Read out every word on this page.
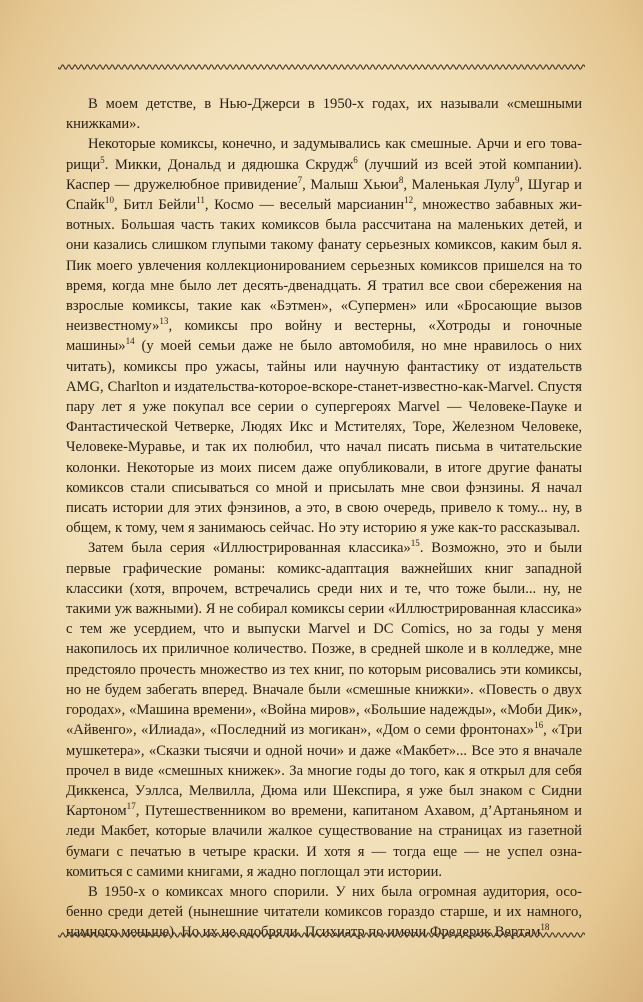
В моем детстве, в Нью-Джерси в 1950-х годах, их называли «смешными книжками».

Некоторые комиксы, конечно, и задумывались как смешные. Арчи и его товарищи$^5$. Микки, Дональд и дядюшка Скрудж$^6$ (лучший из всей этой компании). Каспер — дружелюбное привидение$^7$, Малыш Хьюи$^8$, Маленькая Лулу$^9$, Шугар и Спайк$^{10}$, Битл Бейли$^{11}$, Космо — веселый марсианин$^{12}$, множество забавных животных. Большая часть таких комиксов была рассчитана на маленьких детей, и они казались слишком глупыми такому фанату серьезных комиксов, каким был я. Пик моего увлечения коллекционированием серьезных комиксов пришелся на то время, когда мне было лет десять-двенадцать. Я тратил все свои сбережения на взрослые комиксы, такие как «Бэтмен», «Супермен» или «Бросающие вызов неизвестному»$^{13}$, комиксы про войну и вестерны, «Хотроды и гоночные машины»$^{14}$ (у моей семьи даже не было автомобиля, но мне нравилось о них читать), комиксы про ужасы, тайны или научную фантастику от издательств AMG, Charlton и издательства-которое-вскоре-станет-известно-как-Marvel. Спустя пару лет я уже покупал все серии о супергероях Marvel — Человеке-Пауке и Фантастической Четверке, Людях Икс и Мстителях, Торе, Железном Человеке, Человеке-Муравье, и так их полюбил, что начал писать письма в читательские колонки. Некоторые из моих писем даже опубликовали, в итоге другие фанаты комиксов стали списываться со мной и присылать мне свои фэнзины. Я начал писать истории для этих фэнзинов, а это, в свою очередь, привело к тому... ну, в общем, к тому, чем я занимаюсь сейчас. Но эту историю я уже как-то рассказывал.

Затем была серия «Иллюстрированная классика»$^{15}$. Возможно, это и были первые графические романы: комикс-адаптация важнейших книг западной классики (хотя, впрочем, встречались среди них и те, что тоже были... ну, не такими уж важными). Я не собирал комиксы серии «Иллюстрированная классика» с тем же усердием, что и выпуски Marvel и DC Comics, но за годы у меня накопилось их приличное количество. Позже, в средней школе и в колледже, мне предстояло прочесть множество из тех книг, по которым рисовались эти комиксы, но не будем забегать вперед. Вначале были «смешные книжки». «Повесть о двух городах», «Машина времени», «Война миров», «Большие надежды», «Моби Дик», «Айвенго», «Илиада», «Последний из могикан», «Дом о семи фронтонах»$^{16}$, «Три мушкетера», «Сказки тысячи и одной ночи» и даже «Макбет»... Все это я вначале прочел в виде «смешных книжек». За многие годы до того, как я открыл для себя Диккенса, Уэллса, Мелвилла, Дюма или Шекспира, я уже был знаком с Сидни Картоном$^{17}$, Путешественником во времени, капитаном Ахавом, д’Артаньяном и леди Макбет, которые влачили жалкое существование на страницах из газетной бумаги с печатью в четыре краски. И хотя я — тогда еще — не успел ознакомиться с самими книгами, я жадно поглощал эти истории.

В 1950-х о комиксах много спорили. У них была огромная аудитория, особенно среди детей (нынешние читатели комиксов гораздо старше, и их намного, намного меньше). Но их не одобряли. Психиатр по имени Фредерик Вертам$^{18}$
